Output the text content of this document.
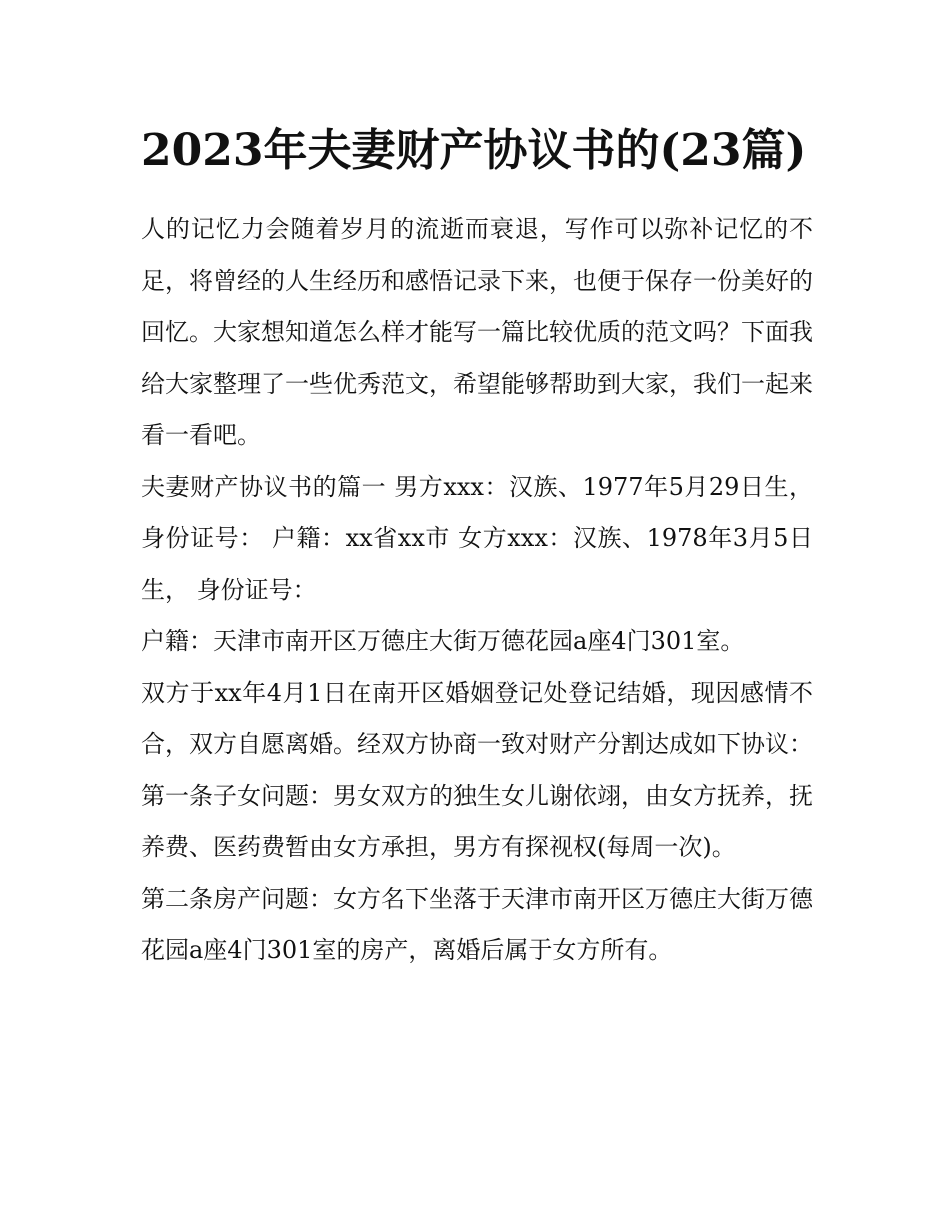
2023年夫妻财产协议书的(23篇)

人的记忆力会随着岁月的流逝而衰退，写作可以弥补记忆的不足，将曾经的人生经历和感悟记录下来，也便于保存一份美好的回忆。大家想知道怎么样才能写一篇比较优质的范文吗？下面我给大家整理了一些优秀范文，希望能够帮助到大家，我们一起来看一看吧。

夫妻财产协议书的篇一 男方xxx：汉族、1977年5月29日生，身份证号： 户籍：xx省xx市 女方xxx：汉族、1978年3月5日生， 身份证号：

户籍：天津市南开区万德庄大街万德花园a座4门301室。

双方于xx年4月1日在南开区婚姻登记处登记结婚，现因感情不合，双方自愿离婚。经双方协商一致对财产分割达成如下协议：

第一条子女问题：男女双方的独生女儿谢依翊，由女方抚养，抚养费、医药费暂由女方承担，男方有探视权(每周一次)。

第二条房产问题：女方名下坐落于天津市南开区万德庄大街万德花园a座4门301室的房产，离婚后属于女方所有。
